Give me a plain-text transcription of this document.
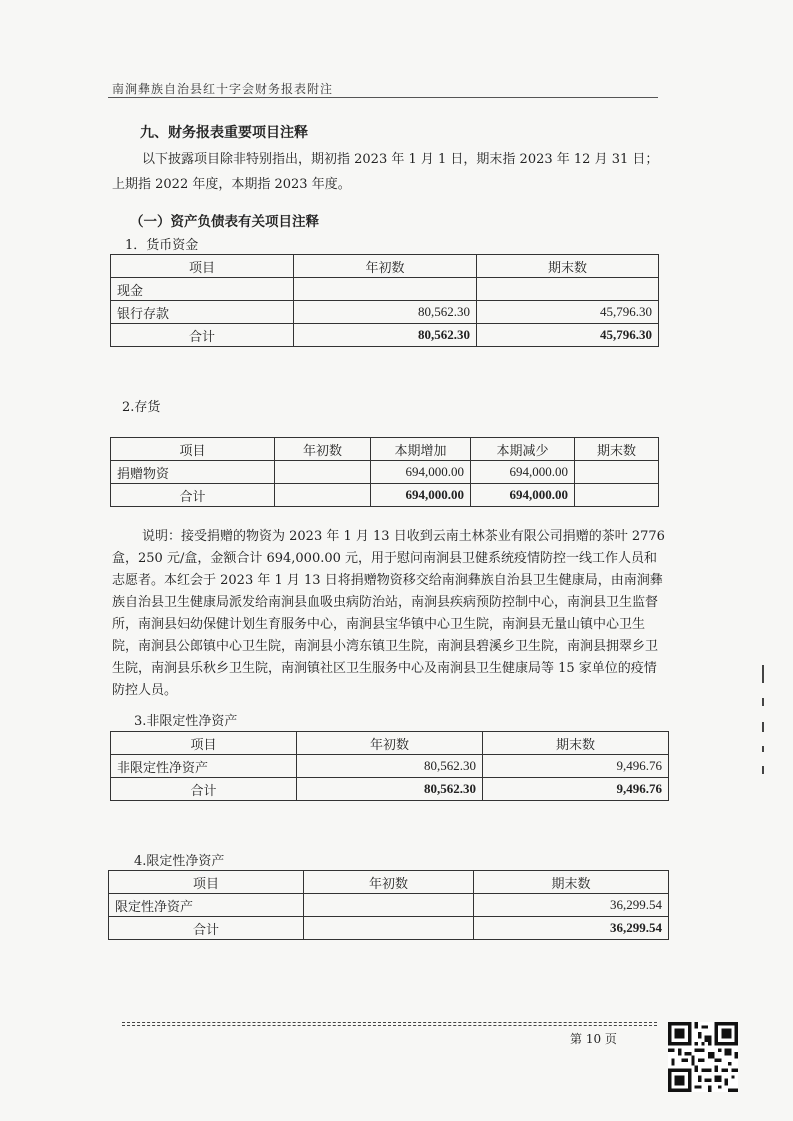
南涧彝族自治县红十字会财务报表附注
九、财务报表重要项目注释
以下披露项目除非特别指出，期初指 2023 年 1 月 1 日，期末指 2023 年 12 月 31 日；上期指 2022 年度，本期指 2023 年度。
（一）资产负债表有关项目注释
1．货币资金
项目	年初数	期末数
现金		
银行存款	80,562.30	45,796.30
合计	80,562.30	45,796.30
2.存货
项目	年初数	本期增加	本期减少	期末数
捐赠物资		694,000.00	694,000.00	
合计		694,000.00	694,000.00	
说明：接受捐赠的物资为 2023 年 1 月 13 日收到云南土林茶业有限公司捐赠的茶叶 2776 盒，250 元/盒，金额合计 694,000.00 元，用于慰问南涧县卫健系统疫情防控一线工作人员和志愿者。本红会于 2023 年 1 月 13 日将捐赠物资移交给南涧彝族自治县卫生健康局，由南涧彝族自治县卫生健康局派发给南涧县血吸虫病防治站，南涧县疾病预防控制中心，南涧县卫生监督所，南涧县妇幼保健计划生育服务中心，南涧县宝华镇中心卫生院，南涧县无量山镇中心卫生院，南涧县公郎镇中心卫生院，南涧县小湾东镇卫生院，南涧县碧溪乡卫生院，南涧县拥翠乡卫生院，南涧县乐秋乡卫生院，南涧镇社区卫生服务中心及南涧县卫生健康局等 15 家单位的疫情防控人员。
3.非限定性净资产
项目	年初数	期末数
非限定性净资产	80,562.30	9,496.76
合计	80,562.30	9,496.76
4.限定性净资产
项目	年初数	期末数
限定性净资产		36,299.54
合计		36,299.54
第 10 页
